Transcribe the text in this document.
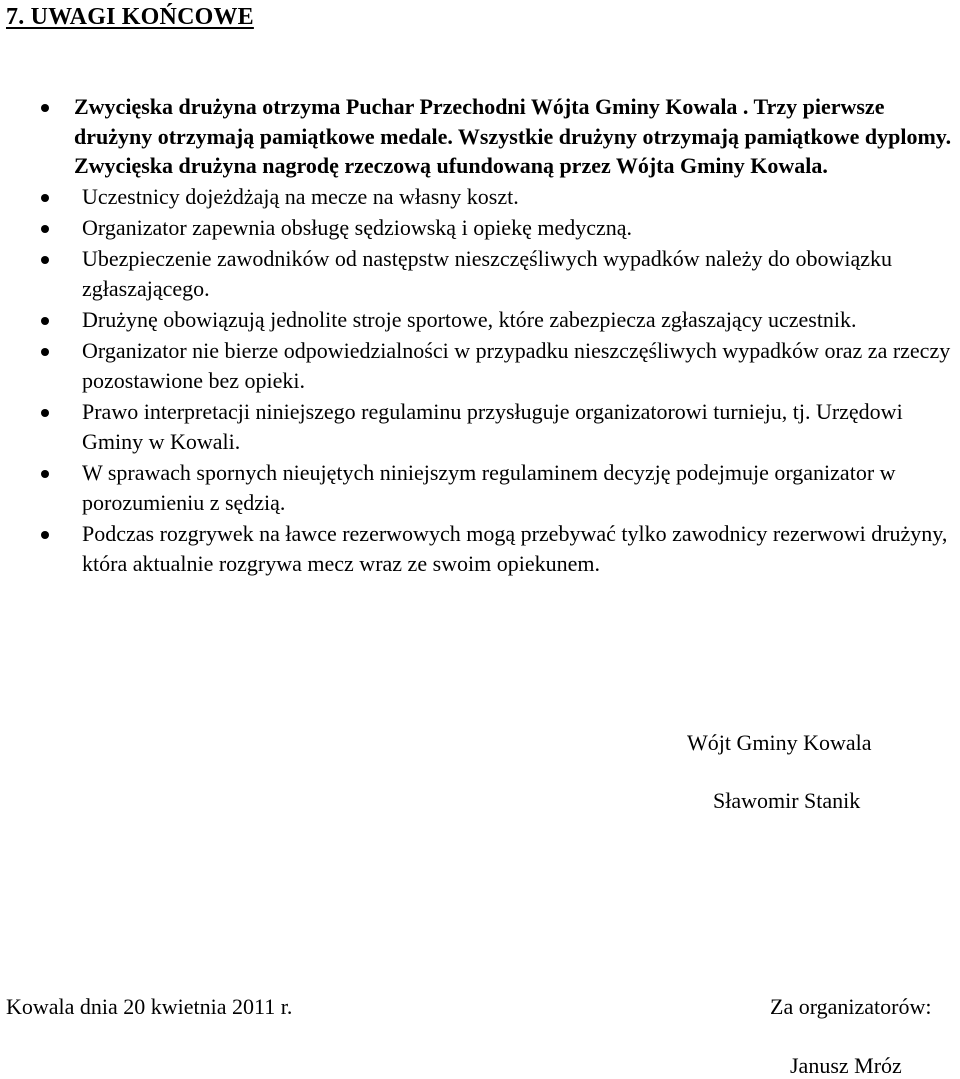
7. UWAGI KOŃCOWE
Zwycięska drużyna otrzyma Puchar Przechodni Wójta Gminy Kowala . Trzy pierwsze drużyny otrzymają pamiątkowe medale. Wszystkie drużyny otrzymają pamiątkowe dyplomy. Zwycięska drużyna nagrodę rzeczową ufundowaną przez Wójta Gminy Kowala.
Uczestnicy dojeżdżają na mecze na własny koszt.
Organizator zapewnia obsługę sędziowską i opiekę medyczną.
Ubezpieczenie zawodników od następstw nieszczęśliwych wypadków należy do obowiązku zgłaszającego.
Drużynę obowiązują jednolite stroje sportowe, które zabezpiecza zgłaszający uczestnik.
Organizator nie bierze odpowiedzialności w przypadku nieszczęśliwych wypadków oraz za rzeczy pozostawione bez opieki.
Prawo interpretacji niniejszego regulaminu przysługuje organizatorowi turnieju, tj. Urzędowi Gminy w Kowali.
W sprawach spornych nieujętych niniejszym regulaminem decyzję podejmuje organizator w porozumieniu z sędzią.
Podczas rozgrywek na ławce rezerwowych mogą przebywać tylko zawodnicy rezerwowi drużyny, która aktualnie rozgrywa mecz wraz ze swoim opiekunem.
Wójt Gminy Kowala
Sławomir Stanik
Kowala dnia 20 kwietnia 2011 r.	Za organizatorów:
Janusz Mróz
